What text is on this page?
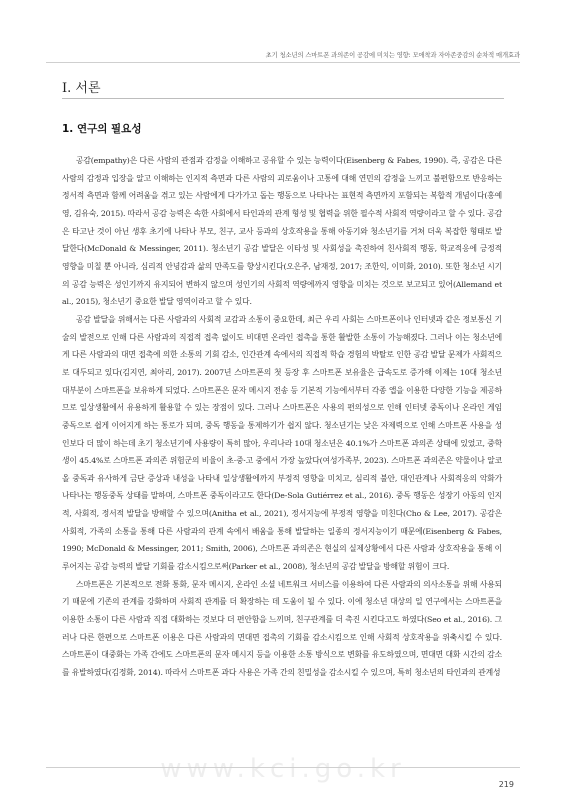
초기 청소년의 스마트폰 과의존이 공감에 미치는 영향: 모애착과 자아존중감의 순차적 매개효과
Ⅰ. 서론
1. 연구의 필요성

공감(empathy)은 다른 사람의 관점과 감정을 이해하고 공유할 수 있는 능력이다(Eisenberg & Fabes, 1990). 즉, 공감은 다른 사람의 감정과 입장을 알고 이해하는 인지적 측면과 다른 사람의 괴로움이나 고통에 대해 연민의 감정을 느끼고 불편함으로 반응하는 정서적 측면과 함께 어려움을 겪고 있는 사람에게 다가가고 돕는 행동으로 나타나는 표현적 측면까지 포함되는 복합적 개념이다(홍예영, 김유숙, 2015). 따라서 공감 능력은 속한 사회에서 타인과의 관계 형성 및 협력을 위한 필수적 사회적 역량이라고 할 수 있다. 공감은 타고난 것이 아닌 생후 초기에 나타나 부모, 친구, 교사 등과의 상호작용을 통해 아동기와 청소년기를 거쳐 더욱 복잡한 형태로 발달한다(McDonald & Messinger, 2011). 청소년기 공감 발달은 이타성 및 사회성을 촉진하여 친사회적 행동, 학교적응에 긍정적 영향을 미칠 뿐 아니라, 심리적 안녕감과 삶의 만족도를 향상시킨다(오은주, 남재정, 2017; 조한익, 이미화, 2010). 또한 청소년 시기의 공감 능력은 성인기까지 유지되어 변하지 않으며 성인기의 사회적 역량에까지 영향을 미치는 것으로 보고되고 있어(Allemand et al., 2015), 청소년기 중요한 발달 영역이라고 할 수 있다.

공감 발달을 위해서는 다른 사람과의 사회적 교감과 소통이 중요한데, 최근 우리 사회는 스마트폰이나 인터넷과 같은 정보통신 기술의 발전으로 인해 다른 사람과의 직접적 접촉 없이도 비대면 온라인 접촉을 통한 활발한 소통이 가능해졌다. 그러나 이는 청소년에게 다른 사람과의 대면 접촉에 의한 소통의 기회 감소, 인간관계 속에서의 직접적 학습 경험의 박탈로 인한 공감 발달 문제가 사회적으로 대두되고 있다(김지연, 최아리, 2017). 2007년 스마트폰의 첫 등장 후 스마트폰 보유율은 급속도로 증가해 이제는 10대 청소년 대부분이 스마트폰을 보유하게 되었다. 스마트폰은 문자 메시지 전송 등 기본적 기능에서부터 각종 앱을 이용한 다양한 기능을 제공하므로 일상생활에서 유용하게 활용할 수 있는 장점이 있다. 그러나 스마트폰은 사용의 편의성으로 인해 인터넷 중독이나 온라인 게임 중독으로 쉽게 이어지게 하는 통로가 되며, 중독 행동을 통제하기가 쉽지 않다. 청소년기는 낮은 자제력으로 인해 스마트폰 사용을 성인보다 더 많이 하는데 초기 청소년기에 사용량이 특히 많아, 우리나라 10대 청소년은 40.1%가 스마트폰 과의존 상태에 있었고, 중학생이 45.4%로 스마트폰 과의존 위험군의 비율이 초·중·고 중에서 가장 높았다(여성가족부, 2023). 스마트폰 과의존은 약물이나 알코올 중독과 유사하게 금단 증상과 내성을 나타내 일상생활에까지 부정적 영향을 미치고, 심리적 불안, 대인관계나 사회적응의 악화가 나타나는 행동중독 상태를 말하며, 스마트폰 중독이라고도 한다(De-Sola Gutiérrez et al., 2016). 중독 행동은 성장기 아동의 인지적, 사회적, 정서적 발달을 방해할 수 있으며(Anitha et al., 2021), 정서지능에 부정적 영향을 미친다(Cho & Lee, 2017). 공감은 사회적, 가족의 소통을 통해 다른 사람과의 관계 속에서 배움을 통해 발달하는 일종의 정서지능이기 때문에(Eisenberg & Fabes, 1990; McDonald & Messinger, 2011; Smith, 2006), 스마트폰 과의존은 현실의 실제상황에서 다른 사람과 상호작용을 통해 이루어지는 공감 능력의 발달 기회를 감소시킴으로써(Parker et al., 2008), 청소년의 공감 발달을 방해할 위험이 크다.

스마트폰은 기본적으로 전화 통화, 문자 메시지, 온라인 소셜 네트워크 서비스를 이용하여 다른 사람과의 의사소통을 위해 사용되기 때문에 기존의 관계를 강화하며 사회적 관계를 더 확장하는 데 도움이 될 수 있다. 이에 청소년 대상의 일 연구에서는 스마트폰을 이용한 소통이 다른 사람과 직접 대화하는 것보다 더 편안함을 느끼며, 친구관계를 더 촉진 시킨다고도 하였다(Seo et al., 2016). 그러나 다른 한편으로 스마트폰 이용은 다른 사람과의 면대면 접촉의 기회를 감소시킴으로 인해 사회적 상호작용을 위축시킬 수 있다. 스마트폰이 대중화는 가족 간에도 스마트폰의 문자 메시지 등을 이용한 소통 방식으로 변화를 유도하였으며, 면대면 대화 시간의 감소를 유발하였다(김정화, 2014). 따라서 스마트폰 과다 사용은 가족 간의 친밀성을 감소시킬 수 있으며, 특히 청소년의 타인과의 관계성

www.kci.go.kr
219
